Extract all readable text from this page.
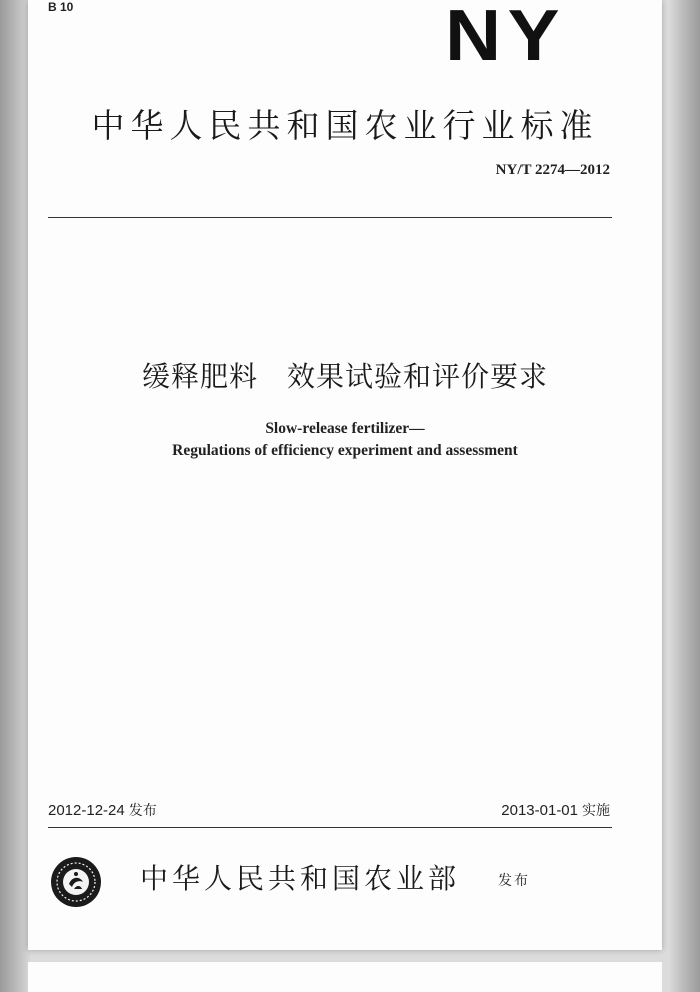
B 10	NY
中华人民共和国农业行业标准
NY/T 2274—2012
缓释肥料　效果试验和评价要求
Slow-release fertilizer—
Regulations of efficiency experiment and assessment
2012-12-24 发布	2013-01-01 实施
中华人民共和国农业部	发布
